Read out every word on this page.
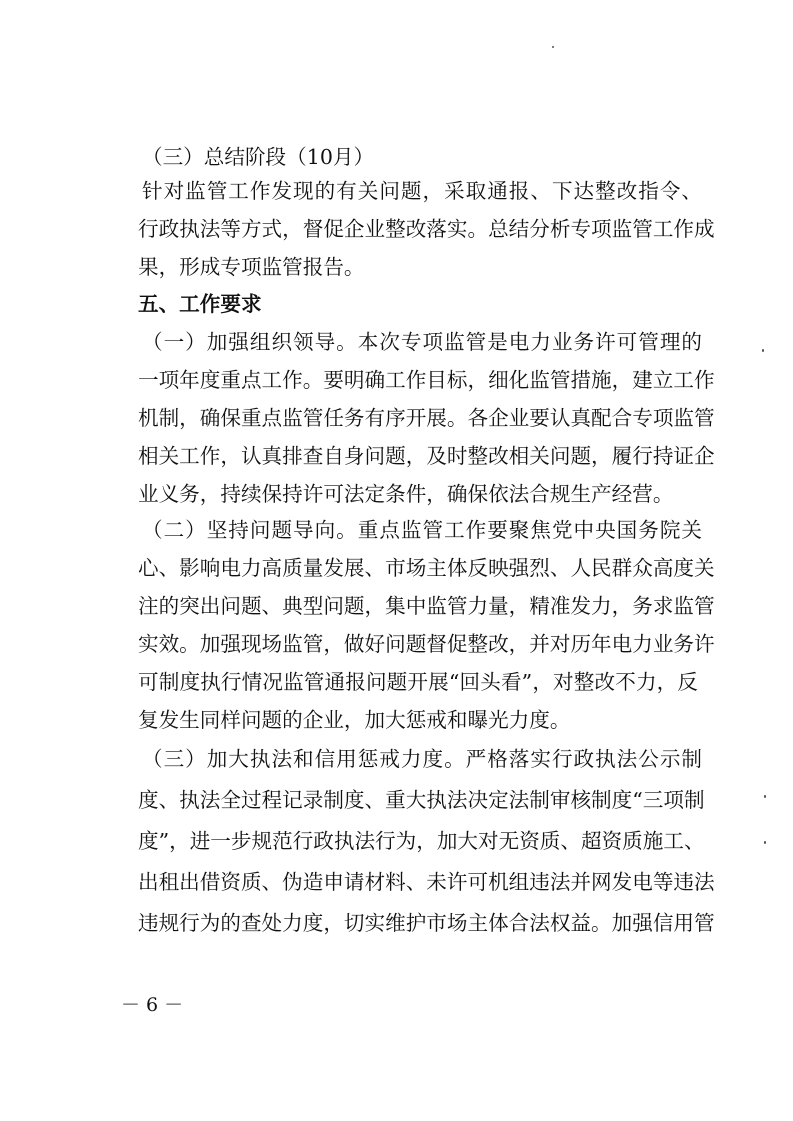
（三）总结阶段（10月）
针对监管工作发现的有关问题，采取通报、下达整改指令、
行政执法等方式，督促企业整改落实。总结分析专项监管工作成
果，形成专项监管报告。
五、工作要求
（一）加强组织领导。本次专项监管是电力业务许可管理的
一项年度重点工作。要明确工作目标，细化监管措施，建立工作
机制，确保重点监管任务有序开展。各企业要认真配合专项监管
相关工作，认真排查自身问题，及时整改相关问题，履行持证企
业义务，持续保持许可法定条件，确保依法合规生产经营。
（二）坚持问题导向。重点监管工作要聚焦党中央国务院关
心、影响电力高质量发展、市场主体反映强烈、人民群众高度关
注的突出问题、典型问题，集中监管力量，精准发力，务求监管
实效。加强现场监管，做好问题督促整改，并对历年电力业务许
可制度执行情况监管通报问题开展“回头看”，对整改不力，反
复发生同样问题的企业，加大惩戒和曝光力度。
（三）加大执法和信用惩戒力度。严格落实行政执法公示制
度、执法全过程记录制度、重大执法决定法制审核制度“三项制
度”，进一步规范行政执法行为，加大对无资质、超资质施工、
出租出借资质、伪造申请材料、未许可机组违法并网发电等违法
违规行为的查处力度，切实维护市场主体合法权益。加强信用管
－ 6 －
